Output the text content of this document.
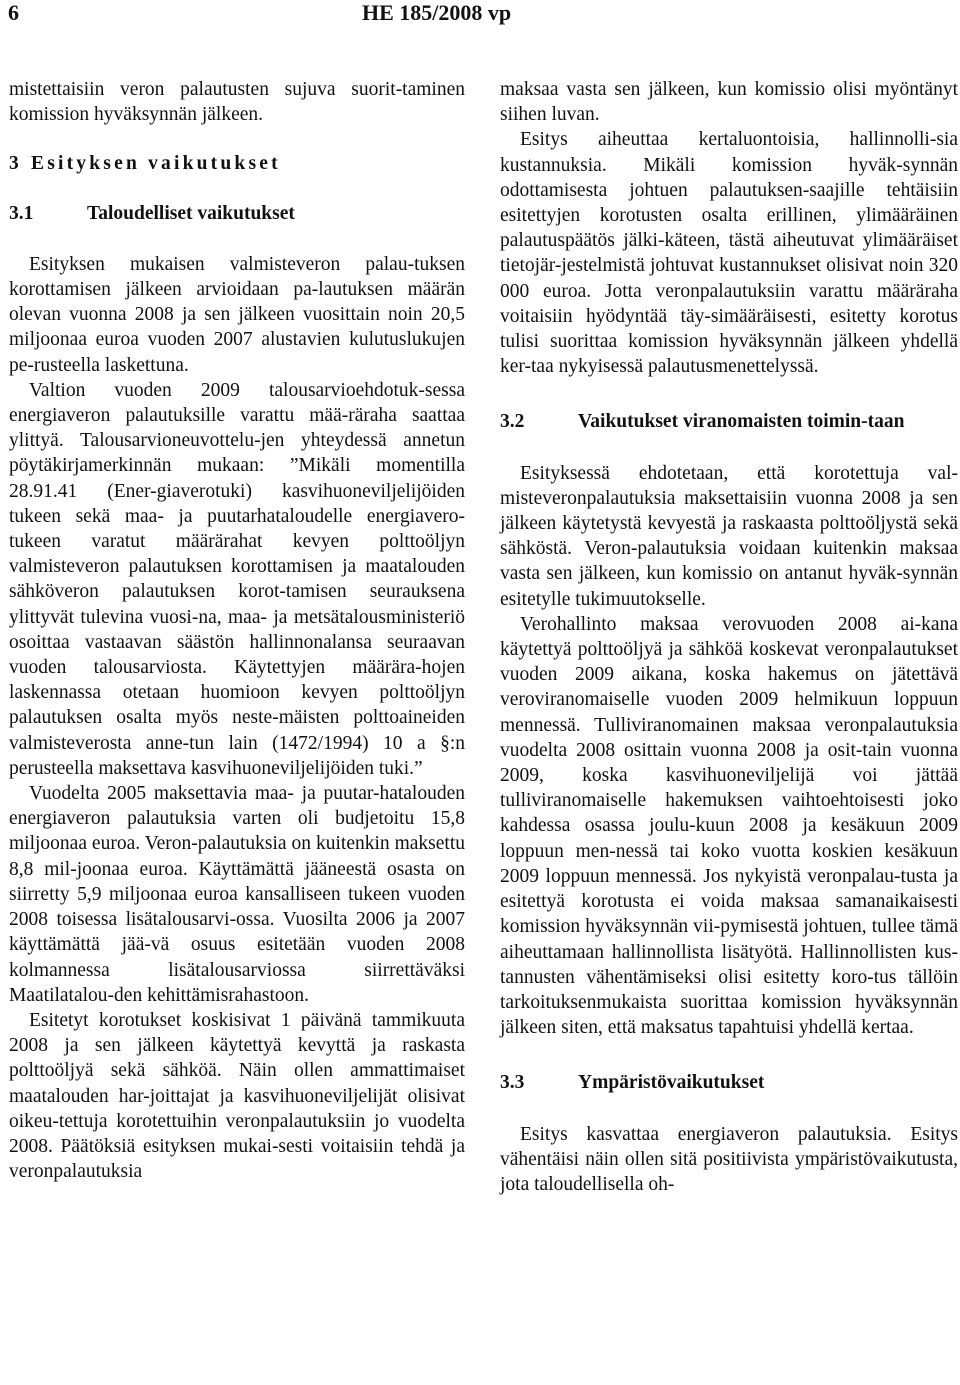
6	HE 185/2008 vp

mistettaisiin veron palautusten sujuva suorit-taminen komission hyväksynnän jälkeen.

3 Esityksen vaikutukset
3.1	Taloudelliset vaikutukset

Esityksen mukaisen valmisteveron palau-tuksen korottamisen jälkeen arvioidaan pa-lautuksen määrän olevan vuonna 2008 ja sen jälkeen vuosittain noin 20,5 miljoonaa euroa vuoden 2007 alustavien kulutuslukujen pe-rusteella laskettuna.

Valtion vuoden 2009 talousarvioehdotuk-sessa energiaveron palautuksille varattu mää-räraha saattaa ylittyä. Talousarvioneuvottelu-jen yhteydessä annetun pöytäkirjamerkinnän mukaan: ”Mikäli momentilla 28.91.41 (Ener-giaverotuki) kasvihuoneviljelijöiden tukeen sekä maa- ja puutarhataloudelle energiavero-tukeen varatut määrärahat kevyen polttoöljyn valmisteveron palautuksen korottamisen ja maatalouden sähköveron palautuksen korot-tamisen seurauksena ylittyvät tulevina vuosi-na, maa- ja metsätalousministeriö osoittaa vastaavan säästön hallinnonalansa seuraavan vuoden talousarviosta. Käytettyjen määrära-hojen laskennassa otetaan huomioon kevyen polttoöljyn palautuksen osalta myös neste-mäisten polttoaineiden valmisteverosta anne-tun lain (1472/1994) 10 a §:n perusteella maksettava kasvihuoneviljelijöiden tuki.”

Vuodelta 2005 maksettavia maa- ja puutar-hatalouden energiaveron palautuksia varten oli budjetoitu 15,8 miljoonaa euroa. Veron-palautuksia on kuitenkin maksettu 8,8 mil-joonaa euroa. Käyttämättä jääneestä osasta on siirretty 5,9 miljoonaa euroa kansalliseen tukeen vuoden 2008 toisessa lisätalousarvi-ossa. Vuosilta 2006 ja 2007 käyttämättä jää-vä osuus esitetään vuoden 2008 kolmannessa lisätalousarviossa siirrettäväksi Maatilatalou-den kehittämisrahastoon.

Esitetyt korotukset koskisivat 1 päivänä tammikuuta 2008 ja sen jälkeen käytettyä kevyttä ja raskasta polttoöljyä sekä sähköä. Näin ollen ammattimaiset maatalouden har-joittajat ja kasvihuoneviljelijät olisivat oikeu-tettuja korotettuihin veronpalautuksiin jo vuodelta 2008. Päätöksiä esityksen mukai-sesti voitaisiin tehdä ja veronpalautuksia

maksaa vasta sen jälkeen, kun komissio olisi myöntänyt siihen luvan.

Esitys aiheuttaa kertaluontoisia, hallinnolli-sia kustannuksia. Mikäli komission hyväk-synnän odottamisesta johtuen palautuksen-saajille tehtäisiin esitettyjen korotusten osalta erillinen, ylimääräinen palautuspäätös jälki-käteen, tästä aiheutuvat ylimääräiset tietojär-jestelmistä johtuvat kustannukset olisivat noin 320 000 euroa. Jotta veronpalautuksiin varattu määräraha voitaisiin hyödyntää täy-simääräisesti, esitetty korotus tulisi suorittaa komission hyväksynnän jälkeen yhdellä ker-taa nykyisessä palautusmenettelyssä.

3.2	Vaikutukset viranomaisten toimin-taan

Esityksessä ehdotetaan, että korotettuja val-misteveronpalautuksia maksettaisiin vuonna 2008 ja sen jälkeen käytetystä kevyestä ja raskaasta polttoöljystä sekä sähköstä. Veron-palautuksia voidaan kuitenkin maksaa vasta sen jälkeen, kun komissio on antanut hyväk-synnän esitetylle tukimuutokselle.

Verohallinto maksaa verovuoden 2008 ai-kana käytettyä polttoöljyä ja sähköä koskevat veronpalautukset vuoden 2009 aikana, koska hakemus on jätettävä veroviranomaiselle vuoden 2009 helmikuun loppuun mennessä. Tulliviranomainen maksaa veronpalautuksia vuodelta 2008 osittain vuonna 2008 ja osit-tain vuonna 2009, koska kasvihuoneviljelijä voi jättää tulliviranomaiselle hakemuksen vaihtoehtoisesti joko kahdessa osassa joulu-kuun 2008 ja kesäkuun 2009 loppuun men-nessä tai koko vuotta koskien kesäkuun 2009 loppuun mennessä. Jos nykyistä veronpalau-tusta ja esitettyä korotusta ei voida maksaa samanaikaisesti komission hyväksynnän vii-pymisestä johtuen, tullee tämä aiheuttamaan hallinnollista lisätyötä. Hallinnollisten kus-tannusten vähentämiseksi olisi esitetty koro-tus tällöin tarkoituksenmukaista suorittaa komission hyväksynnän jälkeen siten, että maksatus tapahtuisi yhdellä kertaa.

3.3	Ympäristövaikutukset

Esitys kasvattaa energiaveron palautuksia. Esitys vähentäisi näin ollen sitä positiivista ympäristövaikutusta, jota taloudellisella oh-
